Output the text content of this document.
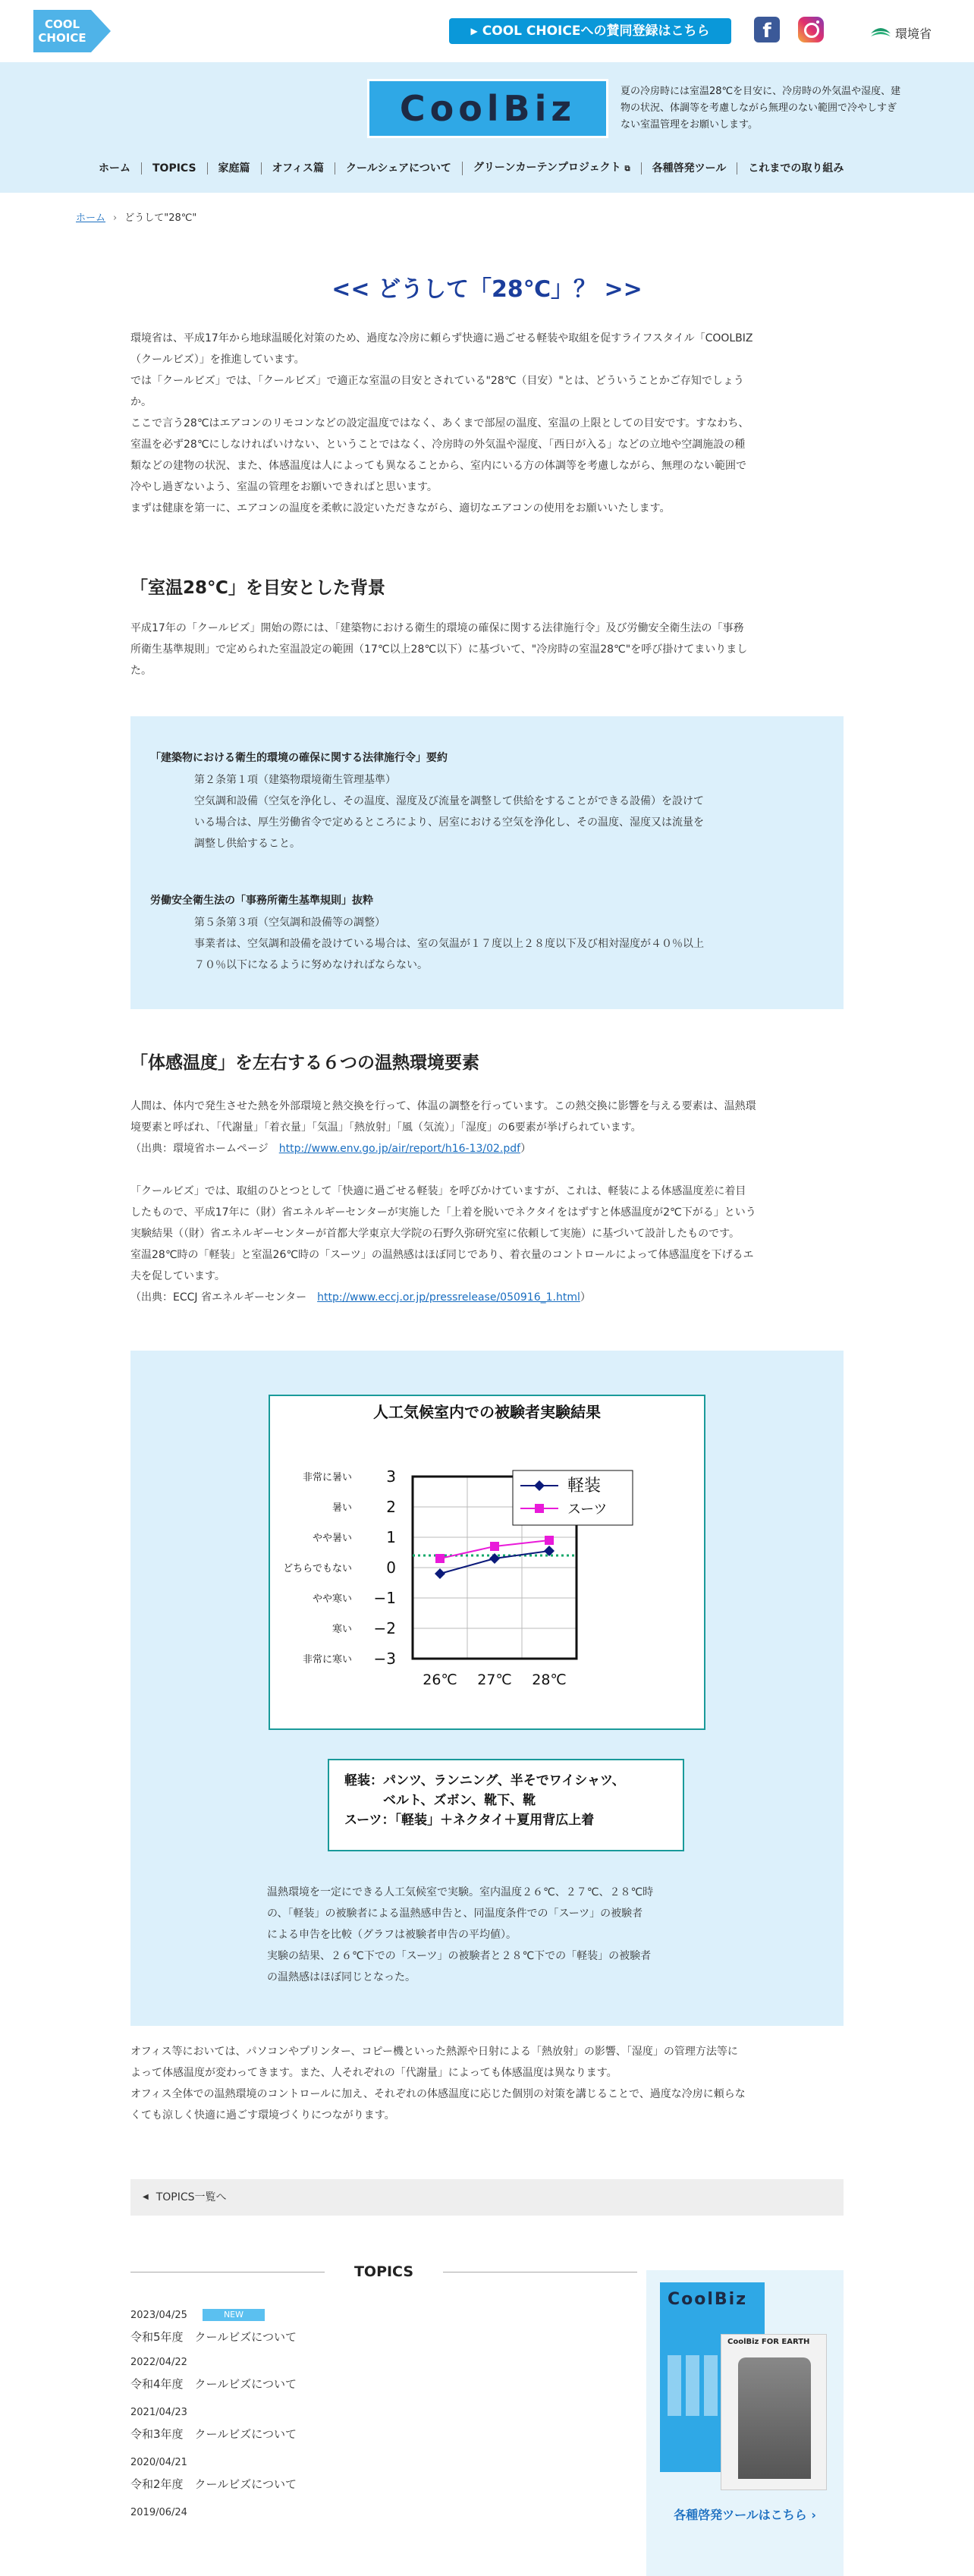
COOL
CHOICE	▶ COOL CHOICEへの賛同登録はこちら	f	環境省
CoolBiz	夏の冷房時には室温28℃を目安に、冷房時の外気温や湿度、建物の状況、体調等を考慮しながら無理のない範囲で冷やしすぎない室温管理をお願いします。
ホーム	TOPICS	家庭篇	オフィス篇	クールシェアについて	グリーンカーテンプロジェクト ⧉	各種啓発ツール	これまでの取り組み
ホーム › どうして"28℃"
<< どうして「28℃」？ >>
環境省は、平成17年から地球温暖化対策のため、過度な冷房に頼らず快適に過ごせる軽装や取組を促すライフスタイル「COOLBIZ
（クールビズ）」を推進しています。
では「クールビズ」では、「クールビズ」で適正な室温の目安とされている"28℃（目安）"とは、どういうことかご存知でしょう
か。
ここで言う28℃はエアコンのリモコンなどの設定温度ではなく、あくまで部屋の温度、室温の上限としての目安です。すなわち、
室温を必ず28℃にしなければいけない、ということではなく、冷房時の外気温や湿度、「西日が入る」などの立地や空調施設の種
類などの建物の状況、また、体感温度は人によっても異なることから、室内にいる方の体調等を考慮しながら、無理のない範囲で
冷やし過ぎないよう、室温の管理をお願いできればと思います。
まずは健康を第一に、エアコンの温度を柔軟に設定いただきながら、適切なエアコンの使用をお願いいたします。
「室温28℃」を目安とした背景
平成17年の「クールビズ」開始の際には、「建築物における衛生的環境の確保に関する法律施行令」及び労働安全衛生法の「事務
所衛生基準規則」で定められた室温設定の範囲（17℃以上28℃以下）に基づいて、"冷房時の室温28℃"を呼び掛けてまいりまし
た。
「建築物における衛生的環境の確保に関する法律施行令」要約
第２条第１項（建築物環境衛生管理基準）
空気調和設備（空気を浄化し、その温度、湿度及び流量を調整して供給をすることができる設備）を設けて
いる場合は、厚生労働省令で定めるところにより、居室における空気を浄化し、その温度、湿度又は流量を
調整し供給すること。
労働安全衛生法の「事務所衛生基準規則」抜粋
第５条第３項（空気調和設備等の調整）
事業者は、空気調和設備を設けている場合は、室の気温が１７度以上２８度以下及び相対湿度が４０％以上
７０％以下になるように努めなければならない。
「体感温度」を左右する６つの温熱環境要素
人間は、体内で発生させた熱を外部環境と熱交換を行って、体温の調整を行っています。この熱交換に影響を与える要素は、温熱環
境要素と呼ばれ、「代謝量」「着衣量」「気温」「熱放射」「風（気流）」「湿度」の6要素が挙げられています。
（出典：環境省ホームページ　http://www.env.go.jp/air/report/h16-13/02.pdf）
「クールビズ」では、取組のひとつとして「快適に過ごせる軽装」を呼びかけていますが、これは、軽装による体感温度差に着目
したもので、平成17年に（財）省エネルギーセンターが実施した「上着を脱いでネクタイをはずすと体感温度が2℃下がる」という
実験結果（（財）省エネルギーセンターが首都大学東京大学院の石野久弥研究室に依頼して実施）に基づいて設計したものです。
室温28℃時の「軽装」と室温26℃時の「スーツ」の温熱感はほぼ同じであり、着衣量のコントロールによって体感温度を下げるエ
夫を促しています。
（出典：ECCJ 省エネルギーセンター　http://www.eccj.or.jp/pressrelease/050916_1.html）
人工気候室内での被験者実験結果
3
非常に暑い
2
暑い
1
やや暑い
0
どちらでもない
−1
やや寒い
−2
寒い
−3
非常に寒い
26℃ 27℃ 28℃
軽装
スーツ
軽装：パンツ、ランニング、半そでワイシャツ、
　　　ベルト、ズボン、靴下、靴
スーツ：「軽装」＋ネクタイ＋夏用背広上着
温熱環境を一定にできる人工気候室で実験。室内温度２６℃、２７℃、２８℃時
の、「軽装」の被験者による温熱感申告と、同温度条件での「スーツ」の被験者
による申告を比較（グラフは被験者申告の平均値）。
実験の結果、２６℃下での「スーツ」の被験者と２８℃下での「軽装」の被験者
の温熱感はほぼ同じとなった。
オフィス等においては、パソコンやプリンター、コピー機といった熱源や日射による「熱放射」の影響、「湿度」の管理方法等に
よって体感温度が変わってきます。また、人それぞれの「代謝量」によっても体感温度は異なります。
オフィス全体での温熱環境のコントロールに加え、それぞれの体感温度に応じた個別の対策を講じることで、過度な冷房に頼らな
くても涼しく快適に過ごす環境づくりにつながります。
◀ TOPICS一覧へ
TOPICS
2023/04/25	NEW
令和5年度　クールビズについて
2022/04/22
令和4年度　クールビズについて
2021/04/23
令和3年度　クールビズについて
2020/04/21
令和2年度　クールビズについて
2019/06/24
CoolBiz
CoolBiz FOR EARTH
各種啓発ツールはこちら ›
